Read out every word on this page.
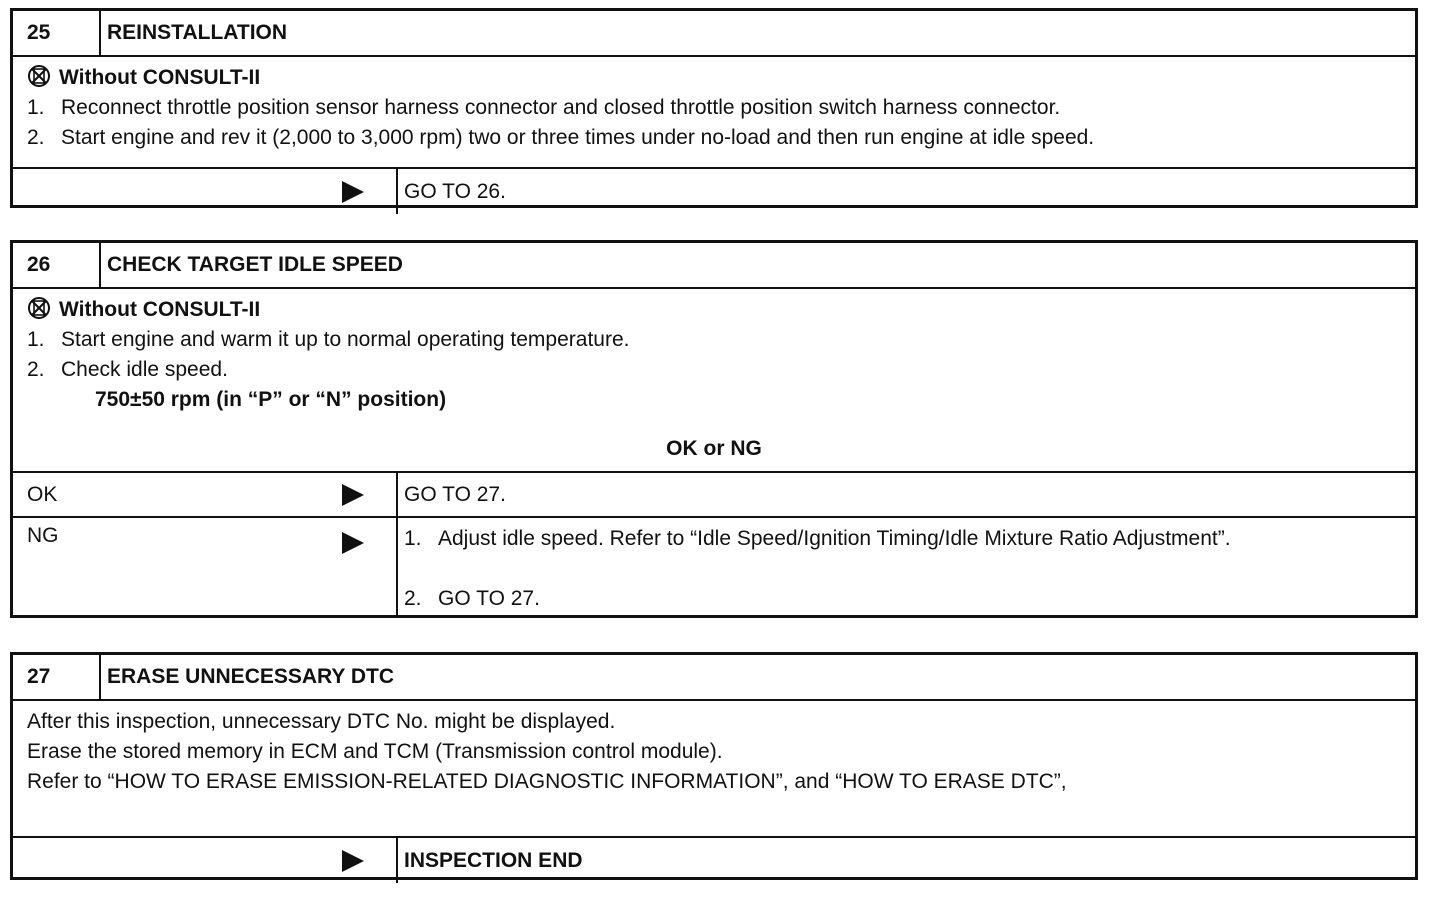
25	REINSTALLATION
Without CONSULT-II
1. Reconnect throttle position sensor harness connector and closed throttle position switch harness connector.
2. Start engine and rev it (2,000 to 3,000 rpm) two or three times under no-load and then run engine at idle speed.
GO TO 26.
26	CHECK TARGET IDLE SPEED
Without CONSULT-II
1. Start engine and warm it up to normal operating temperature.
2. Check idle speed.
750±50 rpm (in “P” or “N” position)
OK or NG
OK	GO TO 27.
NG	1. Adjust idle speed. Refer to “Idle Speed/Ignition Timing/Idle Mixture Ratio Adjustment”.
2. GO TO 27.
27	ERASE UNNECESSARY DTC
After this inspection, unnecessary DTC No. might be displayed.
Erase the stored memory in ECM and TCM (Transmission control module).
Refer to “HOW TO ERASE EMISSION-RELATED DIAGNOSTIC INFORMATION”, and “HOW TO ERASE DTC”,
INSPECTION END
